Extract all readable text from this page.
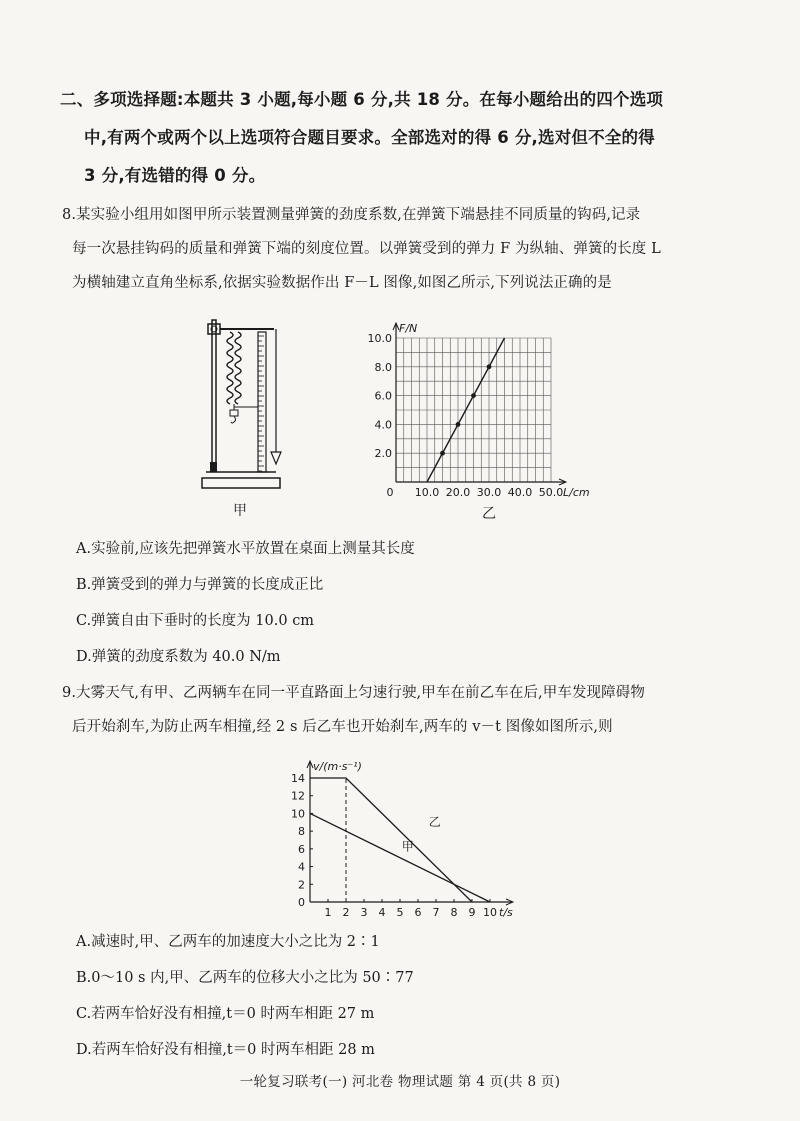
二、多项选择题:本题共 3 小题,每小题 6 分,共 18 分。在每小题给出的四个选项
中,有两个或两个以上选项符合题目要求。全部选对的得 6 分,选对但不全的得
3 分,有选错的得 0 分。
8.某实验小组用如图甲所示装置测量弹簧的劲度系数,在弹簧下端悬挂不同质量的钩码,记录
每一次悬挂钩码的质量和弹簧下端的刻度位置。以弹簧受到的弹力 F 为纵轴、弹簧的长度 L
为横轴建立直角坐标系,依据实验数据作出 F－L 图像,如图乙所示,下列说法正确的是
甲
2.0
4.0
6.0
8.0
10.0
0 10.0 20.0 30.0 40.0 50.0 L/cm
F/N
乙
A.实验前,应该先把弹簧水平放置在桌面上测量其长度
B.弹簧受到的弹力与弹簧的长度成正比
C.弹簧自由下垂时的长度为 10.0 cm
D.弹簧的劲度系数为 40.0 N/m
9.大雾天气,有甲、乙两辆车在同一平直路面上匀速行驶,甲车在前乙车在后,甲车发现障碍物
后开始刹车,为防止两车相撞,经 2 s 后乙车也开始刹车,两车的 v－t 图像如图所示,则
0
2
4
6
8
10
12
14
1 2 3 4 5 6 7 8 9 10 t/s
v/(m·s⁻¹)
乙
甲
A.减速时,甲、乙两车的加速度大小之比为 2∶1
B.0～10 s 内,甲、乙两车的位移大小之比为 50∶77
C.若两车恰好没有相撞,t＝0 时两车相距 27 m
D.若两车恰好没有相撞,t＝0 时两车相距 28 m
一轮复习联考(一) 河北卷 物理试题 第 4 页(共 8 页)
